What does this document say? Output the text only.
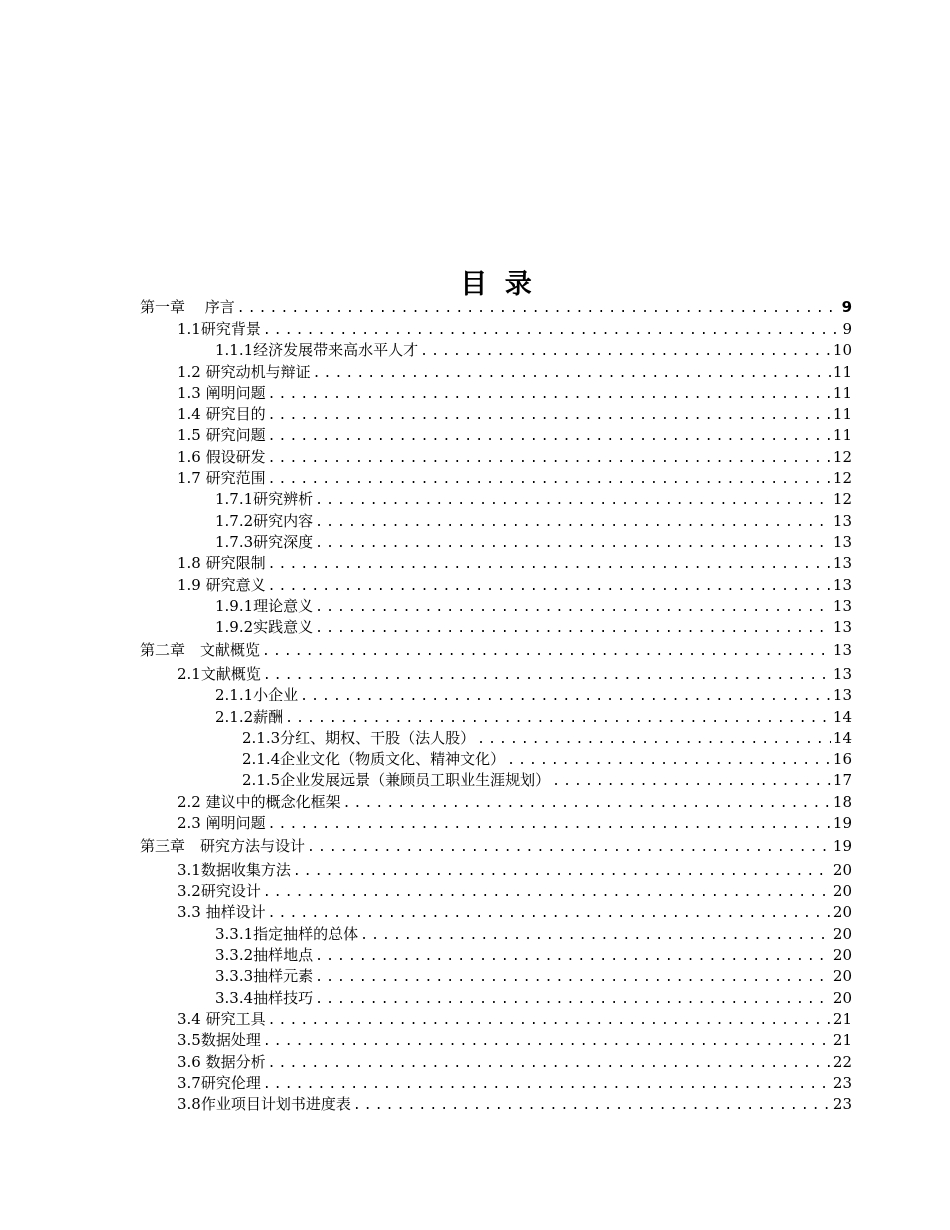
目 录
第一章　 序言 .....	9
1.1研究背景 .....	9
1.1.1经济发展带来高水平人才 .....	10
1.2 研究动机与辩证 .....	11
1.3 阐明问题 .....	11
1.4 研究目的 .....	11
1.5 研究问题 .....	11
1.6 假设研发 .....	12
1.7 研究范围 .....	12
1.7.1研究辨析 .....	12
1.7.2研究内容 .....	13
1.7.3研究深度 .....	13
1.8 研究限制 .....	13
1.9 研究意义 .....	13
1.9.1理论意义 .....	13
1.9.2实践意义 .....	13
第二章　文献概览 .....	13
2.1文献概览 .....	13
2.1.1小企业 .....	13
2.1.2薪酬 .....	14
2.1.3分红、期权、干股（法人股） .....	14
2.1.4企业文化（物质文化、精神文化） .....	16
2.1.5企业发展远景（兼顾员工职业生涯规划） .....	17
2.2 建议中的概念化框架 .....	18
2.3 阐明问题 .....	19
第三章　研究方法与设计 .....	19
3.1数据收集方法 .....	20
3.2研究设计 .....	20
3.3 抽样设计 .....	20
3.3.1指定抽样的总体 .....	20
3.3.2抽样地点 .....	20
3.3.3抽样元素 .....	20
3.3.4抽样技巧 .....	20
3.4 研究工具 .....	21
3.5数据处理 .....	21
3.6 数据分析 .....	22
3.7研究伦理 .....	23
3.8作业项目计划书进度表 .....	23
